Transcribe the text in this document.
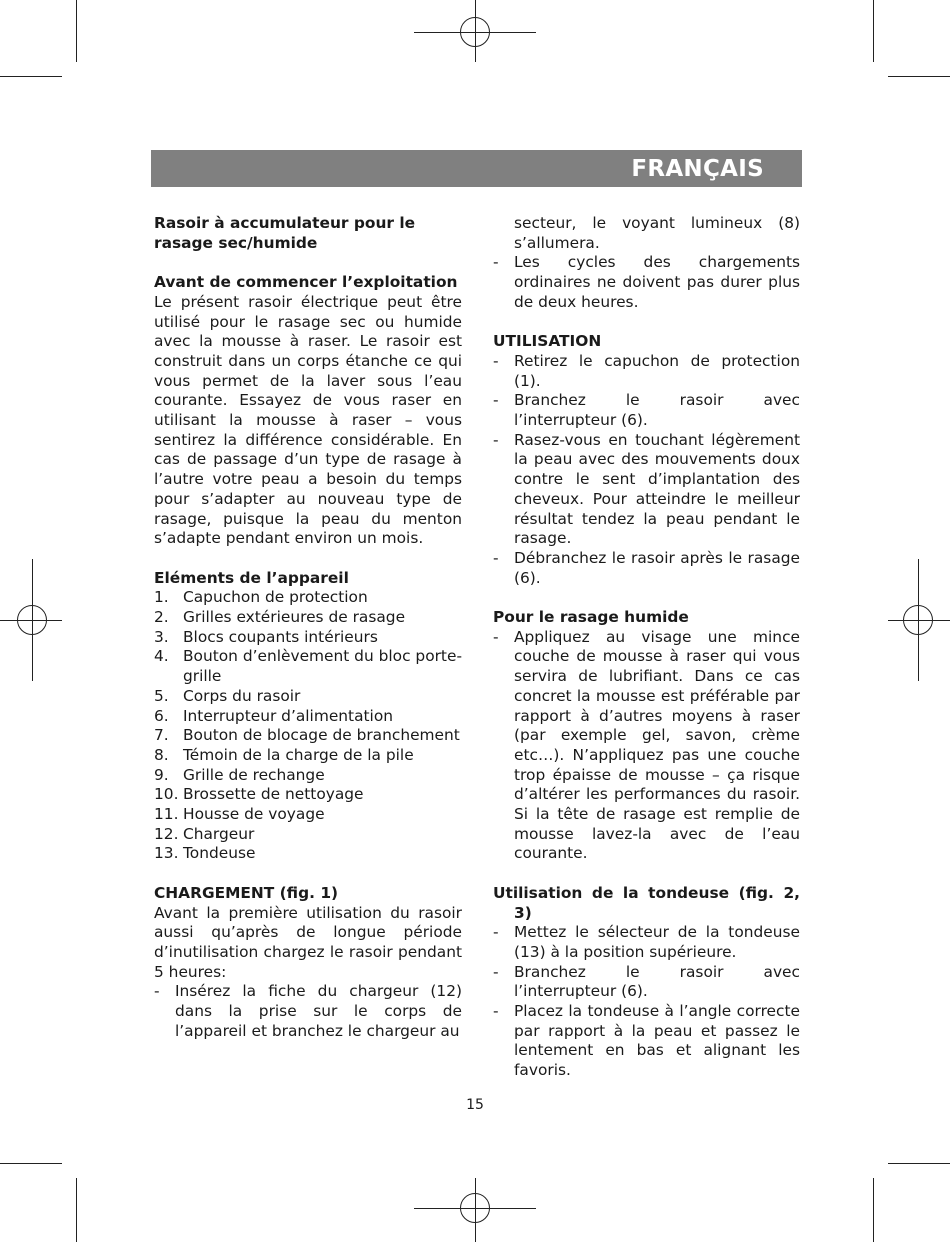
FRANÇAIS
Rasoir à accumulateur pour le rasage sec/humide
Avant de commencer l’exploitation
Le présent rasoir électrique peut être utilisé pour le rasage sec ou humide avec la mousse à raser. Le rasoir est construit dans un corps étanche ce qui vous permet de la laver sous l’eau courante. Essayez de vous raser en utilisant la mousse à raser – vous sentirez la différence considérable. En cas de passage d’un type de rasage à l’autre votre peau a besoin du temps pour s’adapter au nouveau type de rasage, puisque la peau du menton s’adapte pendant environ un mois.
Eléments de l’appareil
1. Capuchon de protection
2. Grilles extérieures de rasage
3. Blocs coupants intérieurs
4. Bouton d’enlèvement du bloc porte-grille
5. Corps du rasoir
6. Interrupteur d’alimentation
7. Bouton de blocage de branchement
8. Témoin de la charge de la pile
9. Grille de rechange
10. Brossette de nettoyage
11. Housse de voyage
12. Chargeur
13. Tondeuse
CHARGEMENT (fig. 1)
Avant la première utilisation du rasoir aussi qu’après de longue période d’inutilisation chargez le rasoir pendant 5 heures:
- Insérez la fiche du chargeur (12) dans la prise sur le corps de l’appareil et branchez le chargeur au
secteur, le voyant lumineux (8) s’allumera.
- Les cycles des chargements ordinaires ne doivent pas durer plus de deux heures.
UTILISATION
- Retirez le capuchon de protection (1).
- Branchez le rasoir avec l’interrupteur (6).
- Rasez-vous en touchant légèrement la peau avec des mouvements doux contre le sent d’implantation des cheveux. Pour atteindre le meilleur résultat tendez la peau pendant le rasage.
- Débranchez le rasoir après le rasage (6).
Pour le rasage humide
- Appliquez au visage une mince couche de mousse à raser qui vous servira de lubrifiant. Dans ce cas concret la mousse est préférable par rapport à d’autres moyens à raser (par exemple gel, savon, crème etc…). N’appliquez pas une couche trop épaisse de mousse – ça risque d’altérer les performances du rasoir. Si la tête de rasage est remplie de mousse lavez-la avec de l’eau courante.
Utilisation de la tondeuse (fig. 2, 3)
- Mettez le sélecteur de la tondeuse (13) à la position supérieure.
- Branchez le rasoir avec l’interrupteur (6).
- Placez la tondeuse à l’angle correcte par rapport à la peau et passez le lentement en bas et alignant les favoris.
15
